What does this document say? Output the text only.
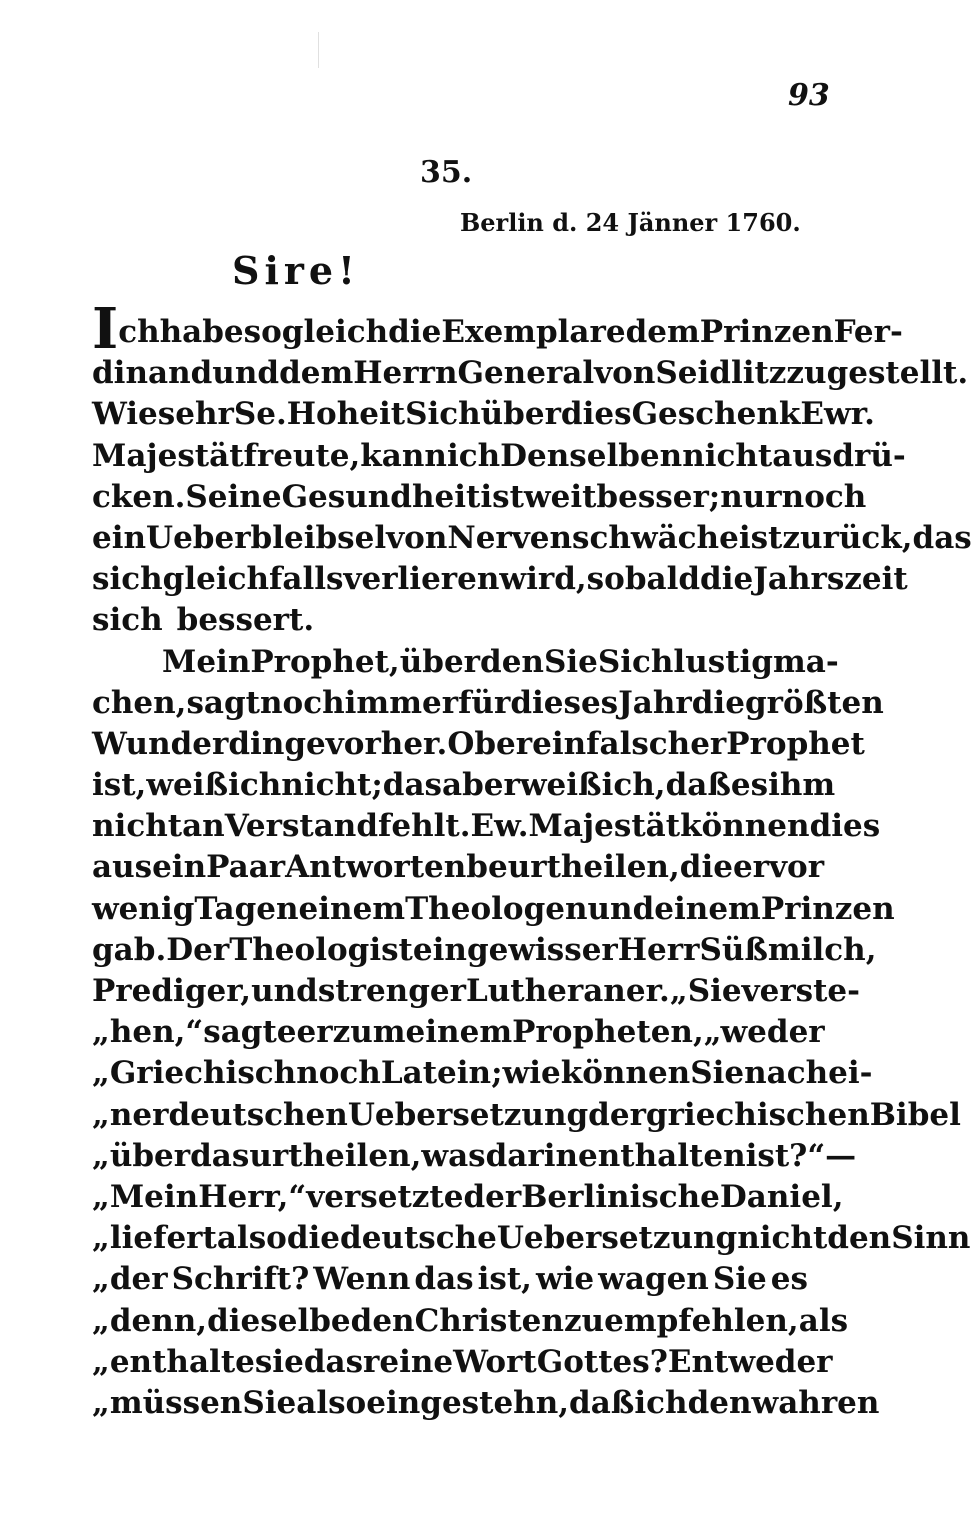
93
35.
Berlin d. 24 Jänner 1760.
Sire!
Ich habe sogleich die Exemplare dem Prinzen Fer-
dinand und dem Herrn General von Seidlitz zugestellt.
Wie sehr Se. Hoheit Sich über dies Geschenk Ewr.
Majestät freute, kann ich Denselben nicht ausdrü-
cken. Seine Gesundheit ist weit besser; nur noch
ein Ueberbleibsel von Nervenschwäche ist zurück, das
sich gleichfalls verlieren wird, so bald die Jahrszeit
sich bessert.
Mein Prophet, über den Sie Sich lustig ma-
chen, sagt noch immer für dieses Jahr die größten
Wunderdinge vorher. Ob er ein falscher Prophet
ist, weiß ich nicht; das aber weiß ich, daß es ihm
nicht an Verstand fehlt. Ew. Majestät können dies
aus ein Paar Antworten beurtheilen, die er vor
wenig Tagen einem Theologen und einem Prinzen
gab. Der Theolog ist ein gewisser Herr Süßmilch,
Prediger, und strenger Lutheraner. „Sie verste-
„hen,“ sagte er zu meinem Propheten, „weder
„Griechisch noch Latein; wie können Sie nach ei-
„ner deutschen Uebersetzung der griechischen Bibel
„über das urtheilen, was darin enthalten ist?“ —
„Mein Herr,“ versetzte der Berlinische Daniel,
„liefert also die deutsche Uebersetzung nicht den Sinn
„der Schrift? Wenn das ist, wie wagen Sie es
„denn, dieselbe den Christen zu empfehlen, als
„enthalte sie das reine Wort Gottes? Entweder
„müssen Sie also eingestehn, daß ich den wahren
